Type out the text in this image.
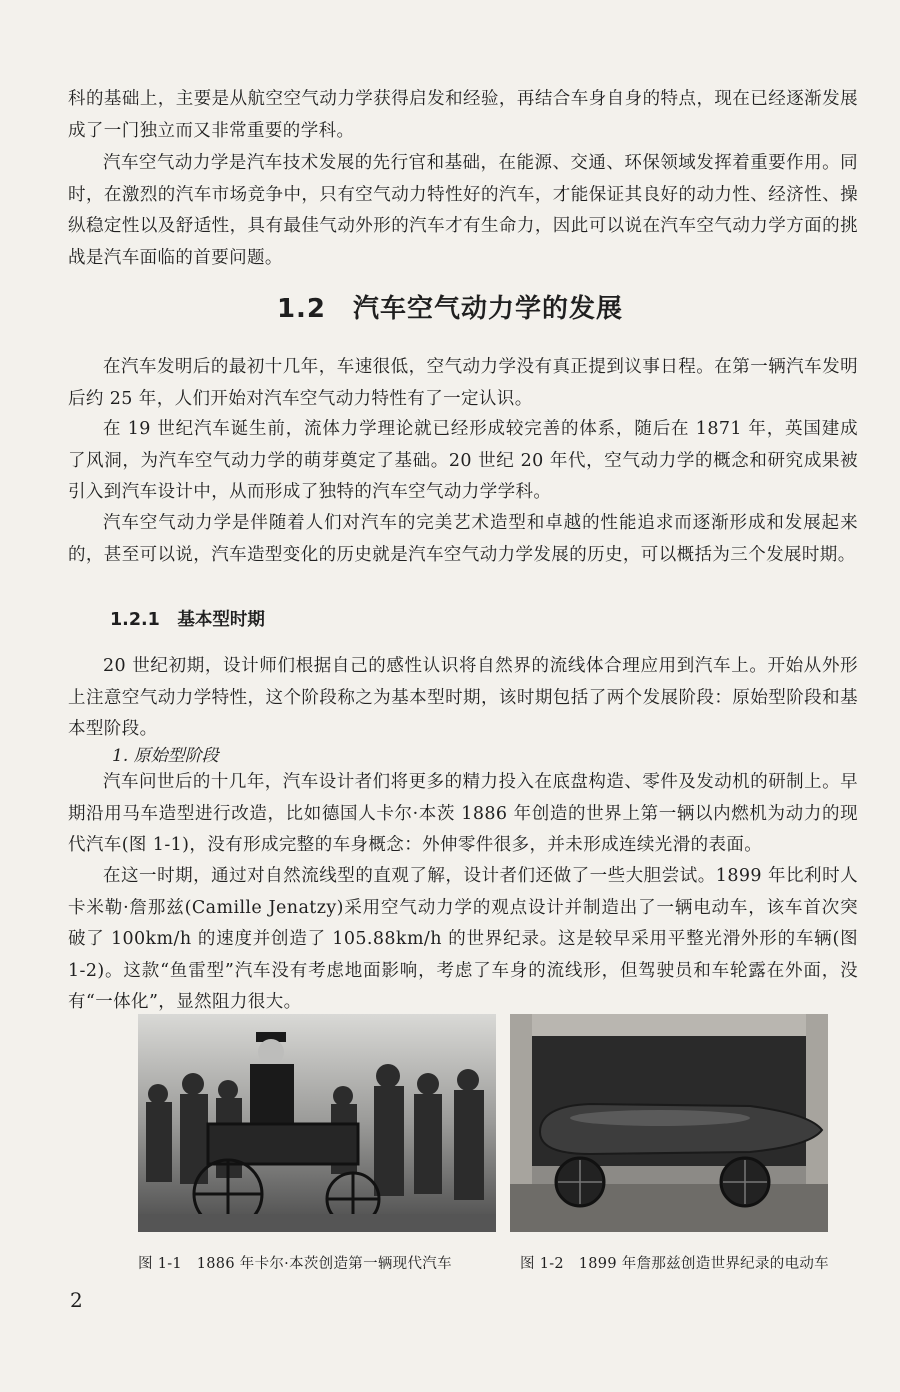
科的基础上，主要是从航空空气动力学获得启发和经验，再结合车身自身的特点，现在已经逐渐发展成了一门独立而又非常重要的学科。

汽车空气动力学是汽车技术发展的先行官和基础，在能源、交通、环保领域发挥着重要作用。同时，在激烈的汽车市场竞争中，只有空气动力特性好的汽车，才能保证其良好的动力性、经济性、操纵稳定性以及舒适性，具有最佳气动外形的汽车才有生命力，因此可以说在汽车空气动力学方面的挑战是汽车面临的首要问题。

1.2　汽车空气动力学的发展

在汽车发明后的最初十几年，车速很低，空气动力学没有真正提到议事日程。在第一辆汽车发明后约 25 年，人们开始对汽车空气动力特性有了一定认识。

在 19 世纪汽车诞生前，流体力学理论就已经形成较完善的体系，随后在 1871 年，英国建成了风洞，为汽车空气动力学的萌芽奠定了基础。20 世纪 20 年代，空气动力学的概念和研究成果被引入到汽车设计中，从而形成了独特的汽车空气动力学学科。

汽车空气动力学是伴随着人们对汽车的完美艺术造型和卓越的性能追求而逐渐形成和发展起来的，甚至可以说，汽车造型变化的历史就是汽车空气动力学发展的历史，可以概括为三个发展时期。

1.2.1　基本型时期

20 世纪初期，设计师们根据自己的感性认识将自然界的流线体合理应用到汽车上。开始从外形上注意空气动力学特性，这个阶段称之为基本型时期，该时期包括了两个发展阶段：原始型阶段和基本型阶段。

1. 原始型阶段

汽车问世后的十几年，汽车设计者们将更多的精力投入在底盘构造、零件及发动机的研制上。早期沿用马车造型进行改造，比如德国人卡尔·本茨 1886 年创造的世界上第一辆以内燃机为动力的现代汽车(图 1-1)，没有形成完整的车身概念：外伸零件很多，并未形成连续光滑的表面。

在这一时期，通过对自然流线型的直观了解，设计者们还做了一些大胆尝试。1899 年比利时人卡米勒·詹那兹(Camille Jenatzy)采用空气动力学的观点设计并制造出了一辆电动车，该车首次突破了 100km/h 的速度并创造了 105.88km/h 的世界纪录。这是较早采用平整光滑外形的车辆(图 1-2)。这款“鱼雷型”汽车没有考虑地面影响，考虑了车身的流线形，但驾驶员和车轮露在外面，没有“一体化”，显然阻力很大。

图 1-1　1886 年卡尔·本茨创造第一辆现代汽车	图 1-2　1899 年詹那兹创造世界纪录的电动车
2
